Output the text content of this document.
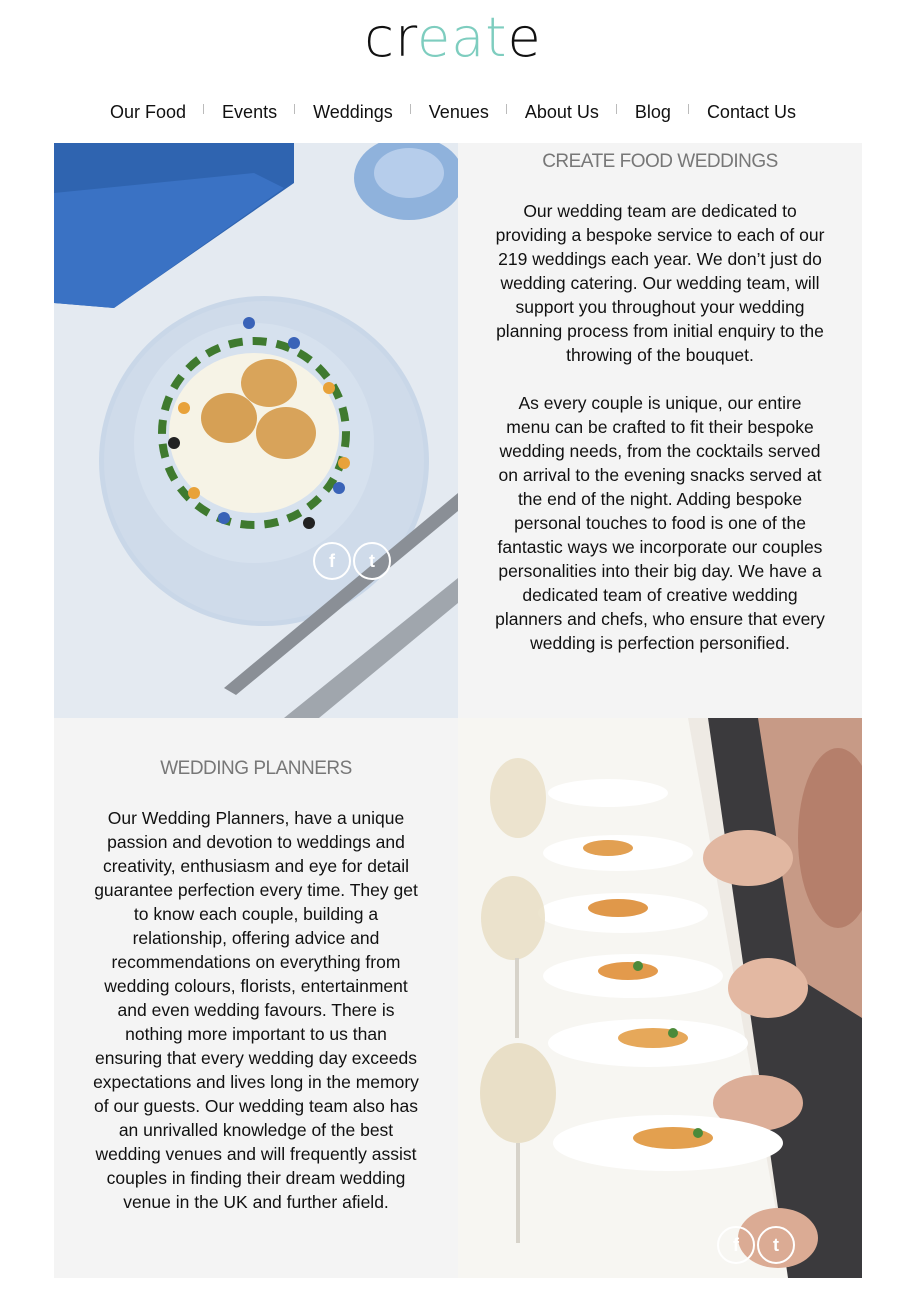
create
Our Food	Events	Weddings	Venues	About Us	Blog	Contact Us
f	t
CREATE FOOD WEDDINGS

Our wedding team are dedicated to providing a bespoke service to each of our 219 weddings each year. We don’t just do wedding catering. Our wedding team, will support you throughout your wedding planning process from initial enquiry to the throwing of the bouquet.

As every couple is unique, our entire menu can be crafted to fit their bespoke wedding needs, from the cocktails served on arrival to the evening snacks served at the end of the night. Adding bespoke personal touches to food is one of the fantastic ways we incorporate our couples personalities into their big day. We have a dedicated team of creative wedding planners and chefs, who ensure that every wedding is perfection personified.

WEDDING PLANNERS

Our Wedding Planners, have a unique passion and devotion to weddings and creativity, enthusiasm and eye for detail guarantee perfection every time. They get to know each couple, building a relationship, offering advice and recommendations on everything from wedding colours, florists, entertainment and even wedding favours. There is nothing more important to us than ensuring that every wedding day exceeds expectations and lives long in the memory of our guests. Our wedding team also has an unrivalled knowledge of the best wedding venues and will frequently assist couples in finding their dream wedding venue in the UK and further afield.

f	t
